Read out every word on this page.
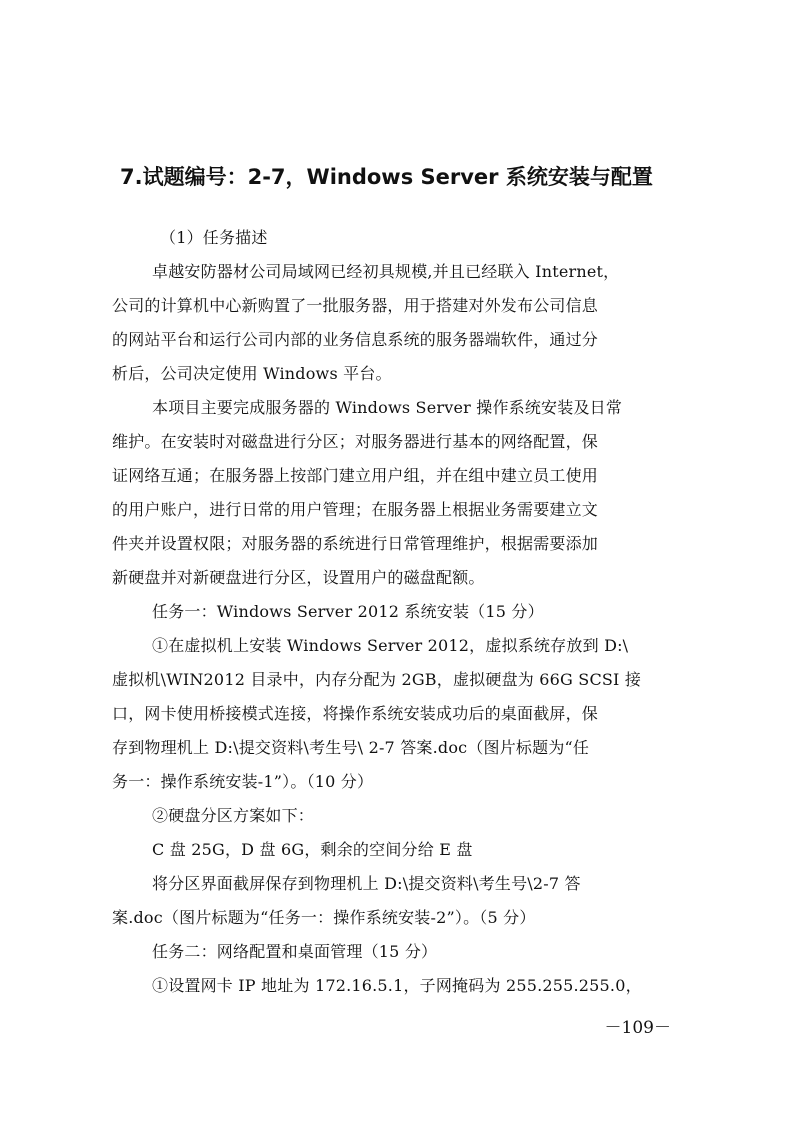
7.试题编号：2-7，Windows Server 系统安装与配置
（1）任务描述
卓越安防器材公司局域网已经初具规模,并且已经联入 Internet，
公司的计算机中心新购置了一批服务器，用于搭建对外发布公司信息
的网站平台和运行公司内部的业务信息系统的服务器端软件，通过分
析后，公司决定使用 Windows 平台。
本项目主要完成服务器的 Windows Server 操作系统安装及日常
维护。在安装时对磁盘进行分区；对服务器进行基本的网络配置，保
证网络互通；在服务器上按部门建立用户组，并在组中建立员工使用
的用户账户，进行日常的用户管理；在服务器上根据业务需要建立文
件夹并设置权限；对服务器的系统进行日常管理维护，根据需要添加
新硬盘并对新硬盘进行分区，设置用户的磁盘配额。
任务一：Windows Server 2012 系统安装（15 分）
①在虚拟机上安装 Windows Server 2012，虚拟系统存放到 D:\
虚拟机\WIN2012 目录中，内存分配为 2GB，虚拟硬盘为 66G SCSI 接
口，网卡使用桥接模式连接，将操作系统安装成功后的桌面截屏，保
存到物理机上 D:\提交资料\考生号\ 2-7 答案.doc（图片标题为“任
务一：操作系统安装-1”）。（10 分）
②硬盘分区方案如下：
C 盘 25G，D 盘 6G，剩余的空间分给 E 盘
将分区界面截屏保存到物理机上 D:\提交资料\考生号\2-7 答
案.doc（图片标题为“任务一：操作系统安装-2”）。（5 分）
任务二：网络配置和桌面管理（15 分）
①设置网卡 IP 地址为 172.16.5.1，子网掩码为 255.255.255.0，
－109－
